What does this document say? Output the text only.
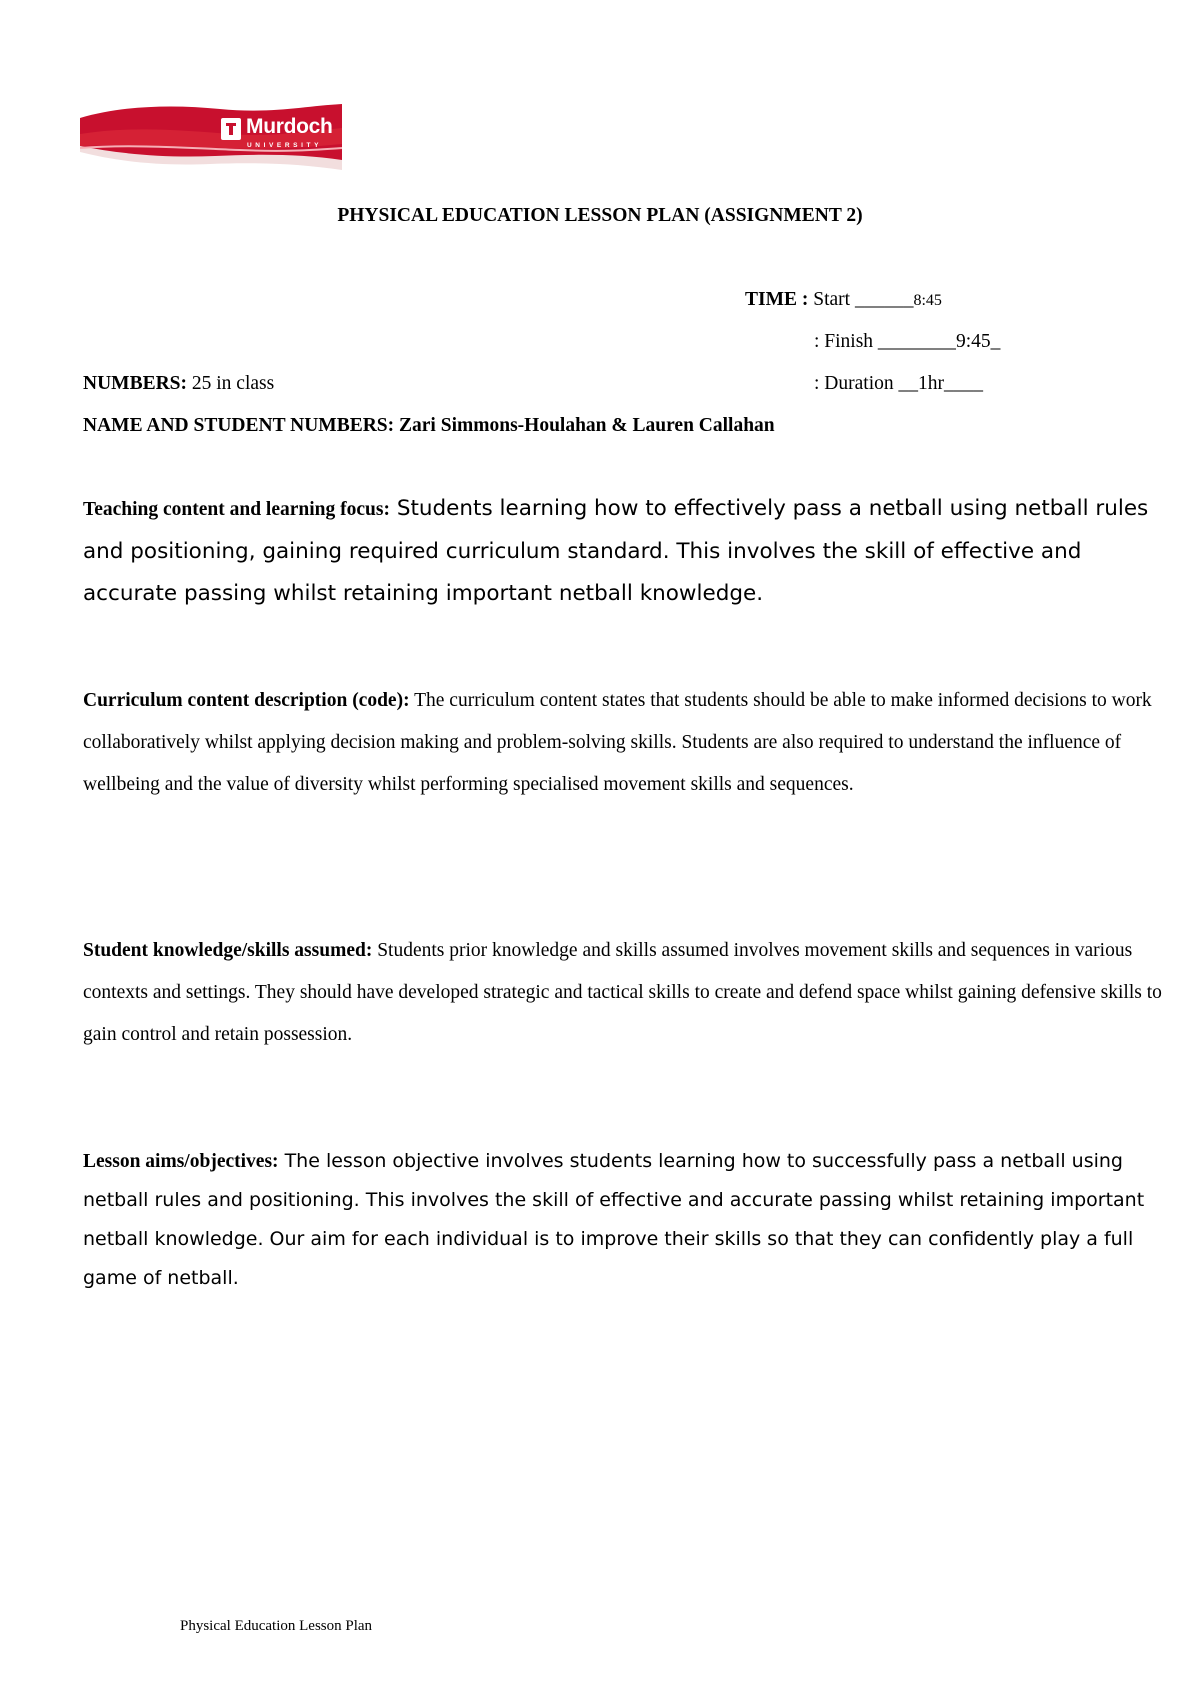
Murdoch
UNIVERSITY
PHYSICAL EDUCATION LESSON PLAN (ASSIGNMENT 2)
TIME : Start ______8:45
: Finish ________9:45_
: Duration __1hr____
NUMBERS: 25 in class
NAME AND STUDENT NUMBERS: Zari Simmons-Houlahan & Lauren Callahan
Teaching content and learning focus: Students learning how to effectively pass a netball using netball rules and positioning, gaining required curriculum standard. This involves the skill of effective and accurate passing whilst retaining important netball knowledge.
Curriculum content description (code): The curriculum content states that students should be able to make informed decisions to work collaboratively whilst applying decision making and problem-solving skills. Students are also required to understand the influence of wellbeing and the value of diversity whilst performing specialised movement skills and sequences.
Student knowledge/skills assumed: Students prior knowledge and skills assumed involves movement skills and sequences in various contexts and settings. They should have developed strategic and tactical skills to create and defend space whilst gaining defensive skills to gain control and retain possession.
Lesson aims/objectives: The lesson objective involves students learning how to successfully pass a netball using netball rules and positioning. This involves the skill of effective and accurate passing whilst retaining important netball knowledge. Our aim for each individual is to improve their skills so that they can confidently play a full game of netball.
Physical Education Lesson Plan
